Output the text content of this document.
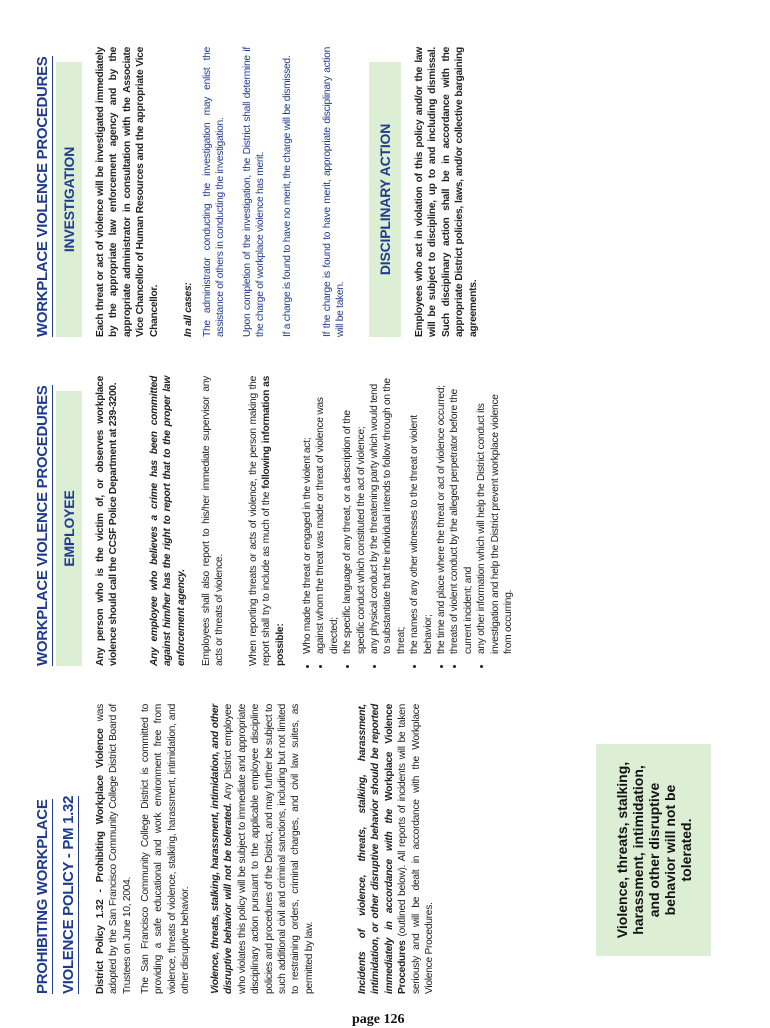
PROHIBITING WORKPLACE VIOLENCE POLICY - PM 1.32 District Policy 1.32 - Prohibiting Workplace Violence was adopted by the San Francisco Community College District Board of Trustees on June 10, 2004. The San Francisco Community College District is committed to providing a safe educational and work environment free from violence, threats of violence, stalking, harassment, intimidation, and other disruptive behavior. Violence, threats, stalking, harassment, intimidation, and other disruptive behavior will not be tolerated. Any District employee who violates this policy will be subject to immediate and appropriate disciplinary action pursuant to the applicable employee discipline policies and procedures of the District, and may further be subject to such additional civil and criminal sanctions, including but not limited to restraining orders, criminal charges, and civil law suites, as permitted by law.	Incidents of violence, threats, stalking, harassment, intimidation, or other disruptive behavior should be reported immediately in accordance with the Workplace Violence Procedures (outlined below). All reports of incidents will be taken seriously and will be dealt in accordance with the Workplace Violence Procedures.
Violence, threats, stalking, harassment, intimidation, and other disruptive behavior will not be tolerated.
WORKPLACE VIOLENCE PROCEDURES EMPLOYEE	Any person who is the victim of, or observes workplace violence should call the CCSF Police Department at 239-3200.	Any employee who believes a crime has been committed against him/her has the right to report that to the proper law enforcement agency. Employees shall also report to his/her immediate supervisor any acts or threats of violence. When reporting threats or acts of violence, the person making the report shall try to include as much of the following information as possible: • Who made the threat or engaged in the violent act; • against whom the threat was made or threat of violence was directed; • the specific language of any threat, or a description of the specific conduct which constituted the act of violence; • any physical conduct by the threatening party which would tend to substantiate that the individual intends to follow through on the threat; • the names of any other witnesses to the threat or violent behavior; • the time and place where the threat or act of violence occurred; • threats of violent conduct by the alleged perpetrator before the current incident; and • any other information which will help the District conduct its investigation and help the District prevent workplace violence from occurring.
WORKPLACE VIOLENCE PROCEDURES INVESTIGATION	Each threat or act of violence will be investigated immediately by the appropriate law enforcement agency and by the appropriate administrator in consultation with the Associate Vice Chancellor of Human Resources and the appropriate Vice Chancellor. In all cases: The administrator conducting the investigation may enlist the assistance of others in conducting the investigation. Upon completion of the investigation, the District shall determine if the charge of workplace violence has merit. If a charge is found to have no merit, the charge will be dismissed.	If the charge is found to have merit, appropriate disciplinary action will be taken.
DISCIPLINARY ACTION	Employees who act in violation of this policy and/or the law will be subject to discipline, up to and including dismissal. Such disciplinary action shall be in accordance with the appropriate District policies, laws, and/or collective bargaining agreements.
page 126
